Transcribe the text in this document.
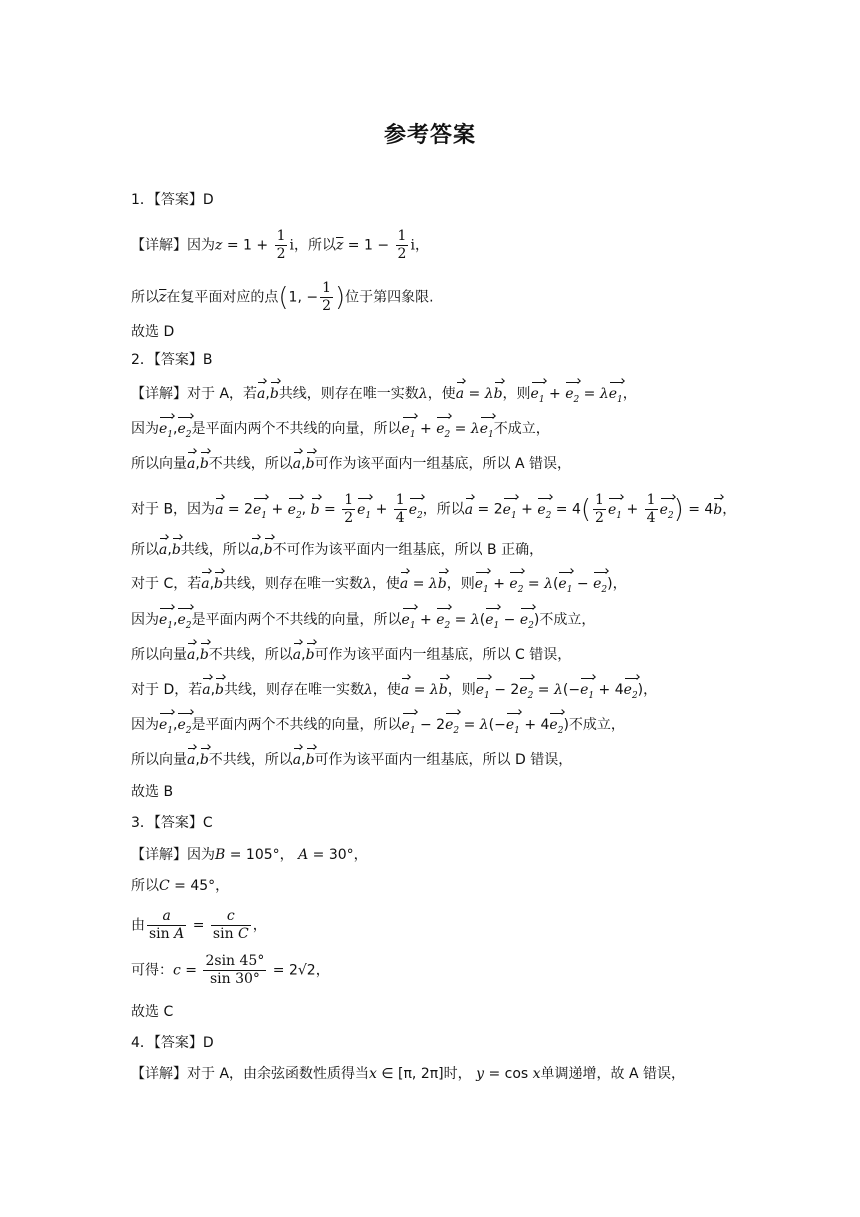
参考答案
1．【答案】D
【详解】因为$z = 1 + \frac{1}{2}$ i，所以$\overline{z} = 1 - \frac{1}{2}$ i，
所以$\overline{z}$在复平面对应的点(1, − $\frac{1}{2}$ )位于第四象限.
故选 D
2．【答案】B
【详解】对于 A，若a,b共线，则存在唯一实数λ，使a = λb，则$e_1 + e_2 = \lambda e_1$，
因为$e_1,e_2$是平面内两个不共线的向量，所以$e_1 + e_2 = \lambda e_1$不成立，
所以向量a,b不共线，所以a,b可作为该平面内一组基底，所以 A 错误，
对于 B，因为$a = 2e_1 + e_2$, $b = \frac{1}{2} e_1 + \frac{1}{4} e_2$，所以$a = 2e_1 + e_2 = 4( \frac{1}{2} e_1 + \frac{1}{4} e_2) = 4b$，
所以a,b共线，所以a,b不可作为该平面内一组基底，所以 B 正确，
对于 C，若a,b共线，则存在唯一实数λ，使a = λb，则$e_1 + e_2 = \lambda(e_1 - e_2)$，
因为$e_1,e_2$是平面内两个不共线的向量，所以$e_1 + e_2 = \lambda(e_1 - e_2)$不成立，
所以向量a,b不共线，所以a,b可作为该平面内一组基底，所以 C 错误，
对于 D，若a,b共线，则存在唯一实数λ，使a = λb，则$e_1 - 2e_2 = \lambda(-e_1 + 4e_2)$，
因为$e_1,e_2$是平面内两个不共线的向量，所以$e_1 - 2e_2 = \lambda(-e_1 + 4e_2)$不成立，
所以向量a,b不共线，所以a,b可作为该平面内一组基底，所以 D 错误，
故选 B
3．【答案】C
【详解】因为B = 105°， A = 30°，
所以C = 45°，
由 $\frac{a}{\text{sin A}} = \frac{c}{\text{sin C}}$ ，
可得：$c = \frac{2\sin 45^\circ}{\sin 30^\circ} = 2√2$，
故选 C
4．【答案】D
【详解】对于 A，由余弦函数性质得当x ∈ [π, 2π]时， y = cos x单调递增，故 A 错误，
